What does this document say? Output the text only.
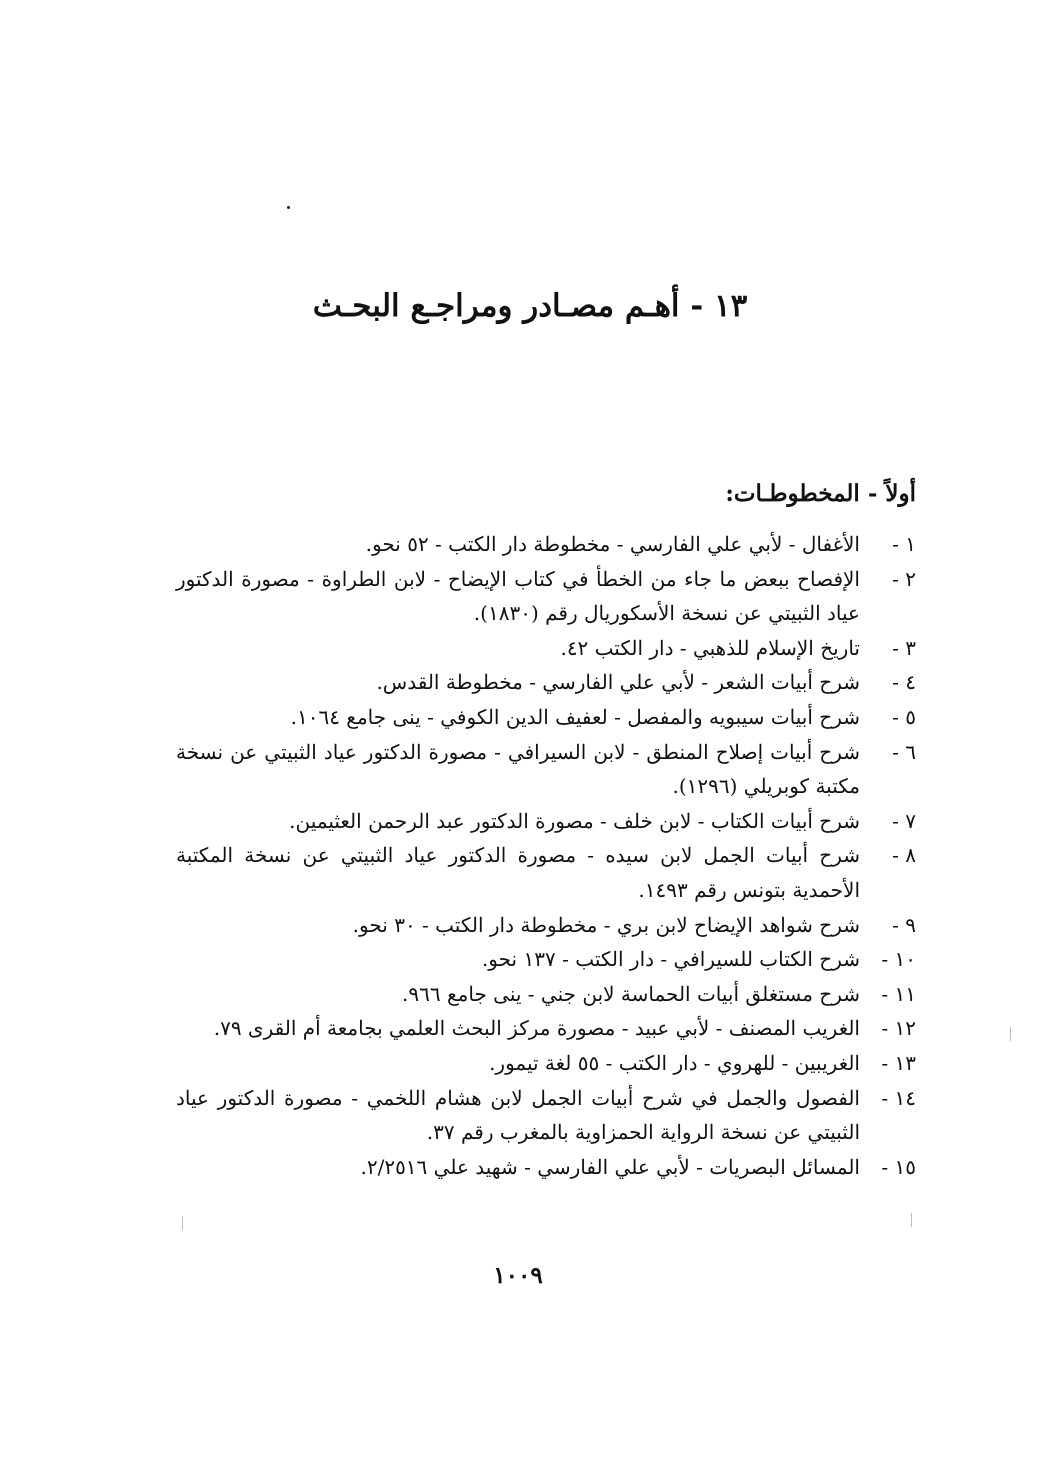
١٣ - أهـم مصـادر ومراجـع البحـث
أولاً - المخطوطـات:
١ -
الأغفال - لأبي علي الفارسي - مخطوطة دار الكتب - ٥٢ نحو.
٢ -
الإفصاح ببعض ما جاء من الخطأ في كتاب الإيضاح - لابن الطراوة - مصورة الدكتور عياد الثبيتي عن نسخة الأسكوريال رقم (١٨٣٠).
٣ -
تاريخ الإسلام للذهبي - دار الكتب ٤٢.
٤ -
شرح أبيات الشعر - لأبي علي الفارسي - مخطوطة القدس.
٥ -
شرح أبيات سيبويه والمفصل - لعفيف الدين الكوفي - ينى جامع ١٠٦٤.
٦ -
شرح أبيات إصلاح المنطق - لابن السيرافي - مصورة الدكتور عياد الثبيتي عن نسخة مكتبة كوبريلي (١٢٩٦).
٧ -
شرح أبيات الكتاب - لابن خلف - مصورة الدكتور عبد الرحمن العثيمين.
٨ -
شرح أبيات الجمل لابن سيده - مصورة الدكتور عياد الثبيتي عن نسخة المكتبة الأحمدية بتونس رقم ١٤٩٣.
٩ -
شرح شواهد الإيضاح لابن بري - مخطوطة دار الكتب - ٣٠ نحو.
١٠ -
شرح الكتاب للسيرافي - دار الكتب - ١٣٧ نحو.
١١ -
شرح مستغلق أبيات الحماسة لابن جني - ينى جامع ٩٦٦.
١٢ -
الغريب المصنف - لأبي عبيد - مصورة مركز البحث العلمي بجامعة أم القرى ٧٩.
١٣ -
الغريبين - للهروي - دار الكتب - ٥٥ لغة تيمور.
١٤ -
الفصول والجمل في شرح أبيات الجمل لابن هشام اللخمي - مصورة الدكتور عياد الثبيتي عن نسخة الرواية الحمزاوية بالمغرب رقم ٣٧.
١٥ -
المسائل البصريات - لأبي علي الفارسي - شهيد علي ٢/٢٥١٦.
١٠٠٩
